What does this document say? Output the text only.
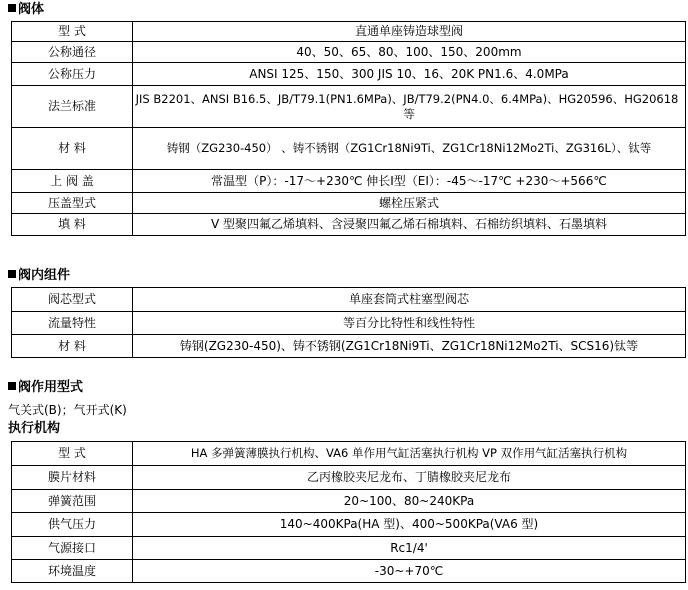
阀体
型 式	直通单座铸造球型阀
公称通径	40、50、65、80、100、150、200mm
公称压力	ANSI 125、150、300 JIS 10、16、20K PN1.6、4.0MPa
法兰标准	JIS B2201、ANSI B16.5、JB/T79.1(PN1.6MPa)、JB/T79.2(PN4.0、6.4MPa)、HG20596、HG20618
等

材 料	铸钢（ZG230-450） 、铸不锈钢（ZG1Cr18Ni9Ti、ZG1Cr18Ni12Mo2Ti、ZG316L）、钛等
上 阀 盖	常温型（P）：-17～+230℃ 伸长Ⅰ型（EⅠ）：-45～-17℃ +230～+566℃
压盖型式	螺栓压紧式
填 料	V 型聚四氟乙烯填料、含浸聚四氟乙烯石棉填料、石棉纺织填料、石墨填料
阀内组件
阀芯型式	单座套筒式柱塞型阀芯
流量特性	等百分比特性和线性特性
材 料	铸钢(ZG230-450)、铸不锈钢(ZG1Cr18Ni9Ti、ZG1Cr18Ni12Mo2Ti、SCS16)钛等
阀作用型式
气关式(B)；气开式(K)
执行机构
型 式	HA 多弹簧薄膜执行机构、VA6 单作用气缸活塞执行机构 VP 双作用气缸活塞执行机构
膜片材料	乙丙橡胶夹尼龙布、丁腈橡胶夹尼龙布
弹簧范围	20~100、80~240KPa
供气压力	140~400KPa(HA 型)、400~500KPa(VA6 型)
气源接口	Rc1/4'
环境温度	-30~+70℃
